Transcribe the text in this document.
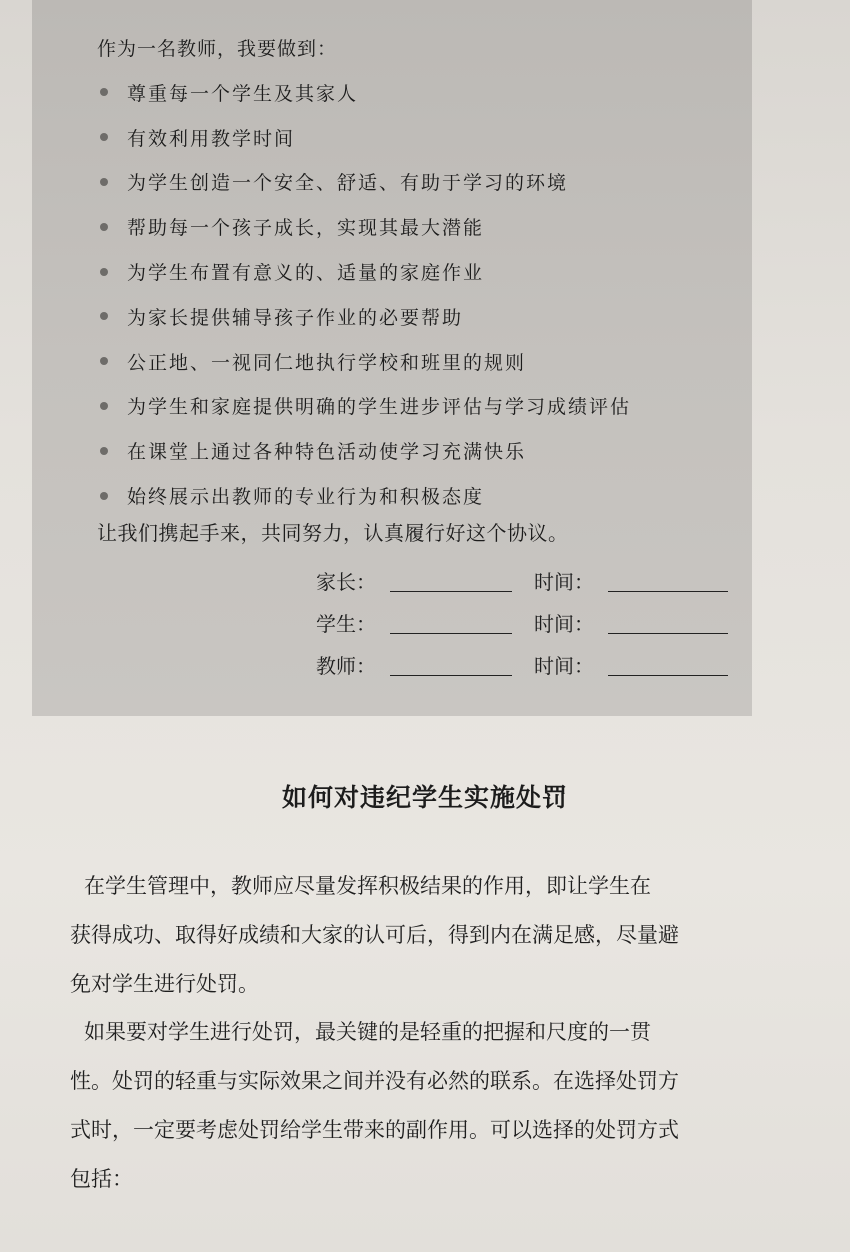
作为一名教师，我要做到：
尊重每一个学生及其家人
有效利用教学时间
为学生创造一个安全、舒适、有助于学习的环境
帮助每一个孩子成长，实现其最大潜能
为学生布置有意义的、适量的家庭作业
为家长提供辅导孩子作业的必要帮助
公正地、一视同仁地执行学校和班里的规则
为学生和家庭提供明确的学生进步评估与学习成绩评估
在课堂上通过各种特色活动使学习充满快乐
始终展示出教师的专业行为和积极态度
让我们携起手来，共同努力，认真履行好这个协议。
家长：	时间：
学生：	时间：
教师：	时间：
如何对违纪学生实施处罚

在学生管理中，教师应尽量发挥积极结果的作用，即让学生在
获得成功、取得好成绩和大家的认可后，得到内在满足感，尽量避
免对学生进行处罚。

如果要对学生进行处罚，最关键的是轻重的把握和尺度的一贯
性。处罚的轻重与实际效果之间并没有必然的联系。在选择处罚方
式时，一定要考虑处罚给学生带来的副作用。可以选择的处罚方式
包括：
